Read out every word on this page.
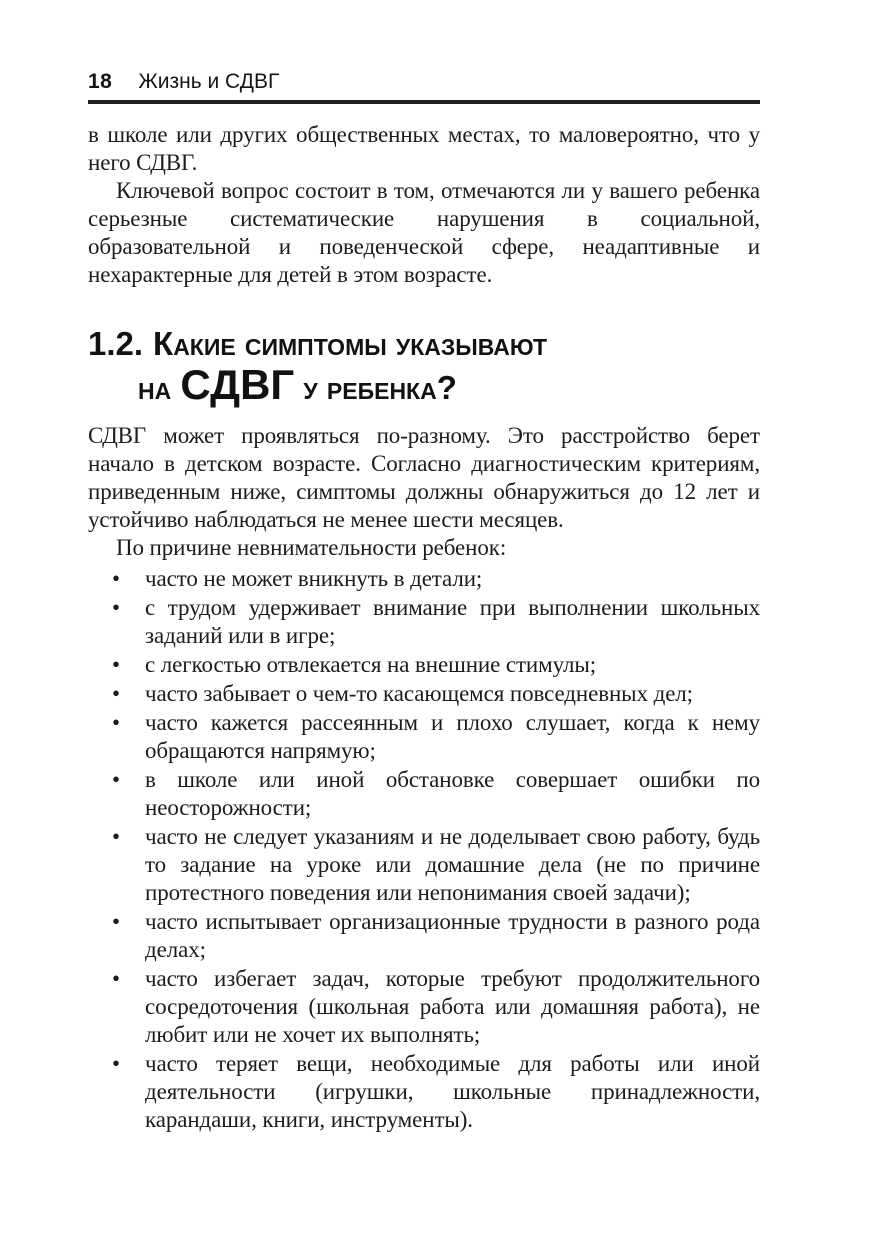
18 Жизнь и СДВГ

в школе или других общественных местах, то маловероятно, что у него СДВГ.

Ключевой вопрос состоит в том, отмечаются ли у вашего ребенка серьезные систематические нарушения в социальной, образовательной и поведенческой сфере, неадаптивные и нехарактерные для детей в этом возрасте.

1.2. Какие симптомы указывают
на СДВГ у ребенка?

СДВГ может проявляться по-разному. Это расстройство берет начало в детском возрасте. Согласно диагностическим критериям, приведенным ниже, симптомы должны обнаружиться до 12 лет и устойчиво наблюдаться не менее шести месяцев.

По причине невнимательности ребенок:

•	часто не может вникнуть в детали;
•	с трудом удерживает внимание при выполнении школьных заданий или в игре;
•	с легкостью отвлекается на внешние стимулы;
•	часто забывает о чем-то касающемся повседневных дел;
•	часто кажется рассеянным и плохо слушает, когда к нему обращаются напрямую;
•	в школе или иной обстановке совершает ошибки по неосторожности;
•	часто не следует указаниям и не доделывает свою работу, будь то задание на уроке или домашние дела (не по причине протестного поведения или непонимания своей задачи);
•	часто испытывает организационные трудности в разного рода делах;
•	часто избегает задач, которые требуют продолжительного сосредоточения (школьная работа или домашняя работа), не любит или не хочет их выполнять;
•	часто теряет вещи, необходимые для работы или иной деятельности (игрушки, школьные принадлежности, карандаши, книги, инструменты).
